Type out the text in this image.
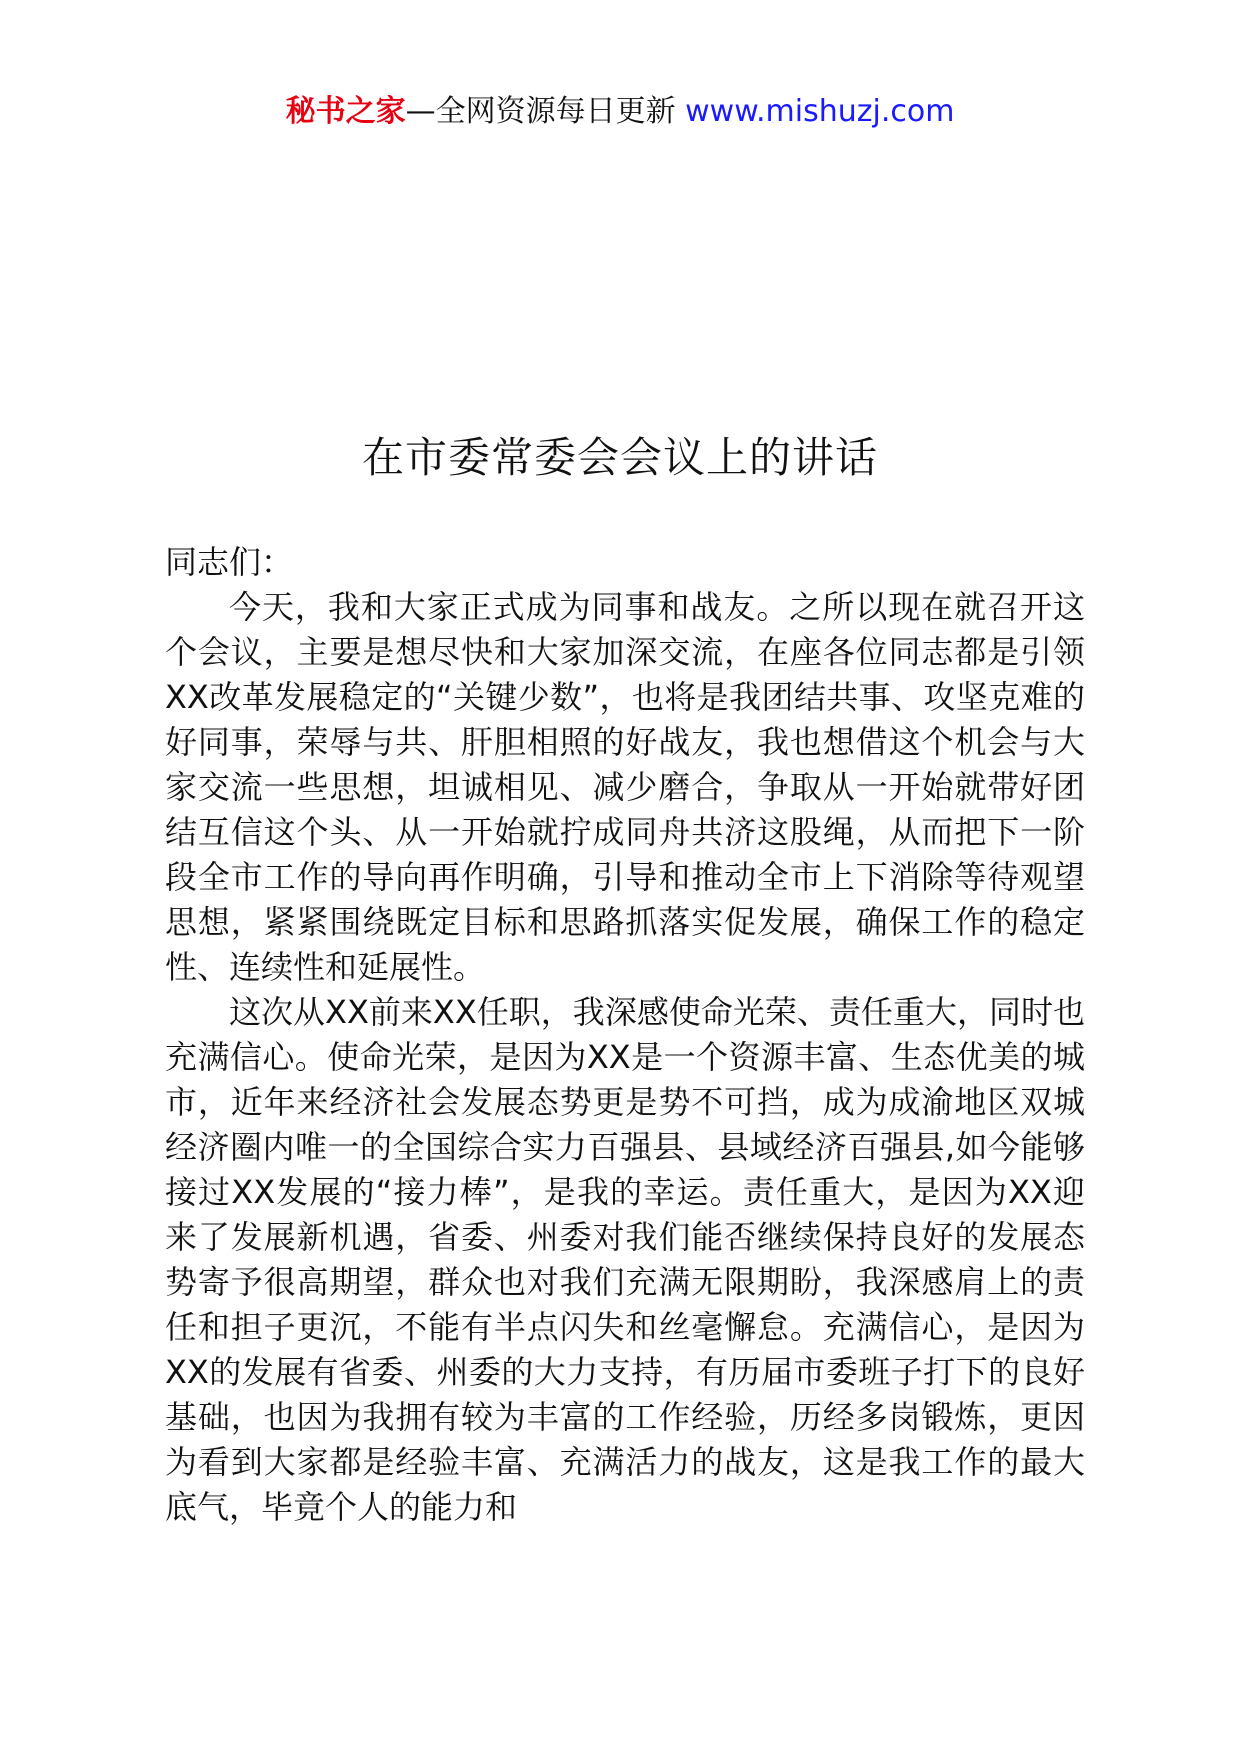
秘书之家—全网资源每日更新 www.mishuzj.com
在市委常委会会议上的讲话

同志们：

今天，我和大家正式成为同事和战友。之所以现在就召开这个会议，主要是想尽快和大家加深交流，在座各位同志都是引领XX改革发展稳定的“关键少数”，也将是我团结共事、攻坚克难的好同事，荣辱与共、肝胆相照的好战友，我也想借这个机会与大家交流一些思想，坦诚相见、减少磨合，争取从一开始就带好团结互信这个头、从一开始就拧成同舟共济这股绳，从而把下一阶段全市工作的导向再作明确，引导和推动全市上下消除等待观望思想，紧紧围绕既定目标和思路抓落实促发展，确保工作的稳定性、连续性和延展性。

这次从XX前来XX任职，我深感使命光荣、责任重大，同时也充满信心。使命光荣，是因为XX是一个资源丰富、生态优美的城市，近年来经济社会发展态势更是势不可挡，成为成渝地区双城经济圈内唯一的全国综合实力百强县、县域经济百强县,如今能够接过XX发展的“接力棒”，是我的幸运。责任重大，是因为XX迎来了发展新机遇，省委、州委对我们能否继续保持良好的发展态势寄予很高期望，群众也对我们充满无限期盼，我深感肩上的责任和担子更沉，不能有半点闪失和丝毫懈怠。充满信心，是因为XX的发展有省委、州委的大力支持，有历届市委班子打下的良好基础，也因为我拥有较为丰富的工作经验，历经多岗锻炼，更因为看到大家都是经验丰富、充满活力的战友，这是我工作的最大底气，毕竟个人的能力和
